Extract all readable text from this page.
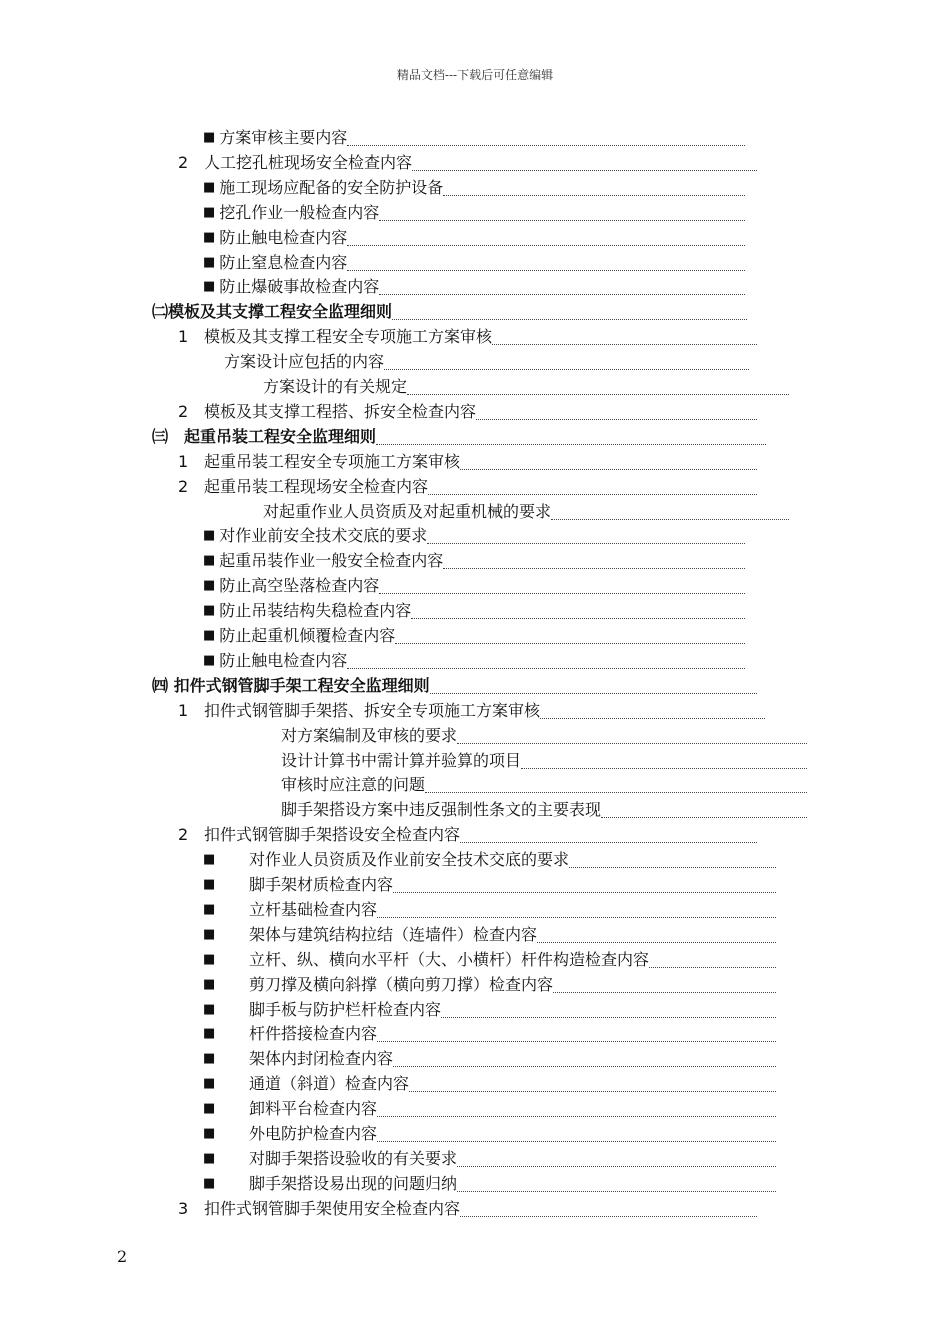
精品文档---下载后可任意编辑
■ 方案审核主要内容
2 人工挖孔桩现场安全检查内容
■ 施工现场应配备的安全防护设备
■ 挖孔作业一般检查内容
■ 防止触电检查内容
■ 防止窒息检查内容
■ 防止爆破事故检查内容
㈡模板及其支撑工程安全监理细则
1 模板及其支撑工程安全专项施工方案审核
方案设计应包括的内容
方案设计的有关规定
2 模板及其支撑工程搭、拆安全检查内容
㈢　起重吊装工程安全监理细则
1 起重吊装工程安全专项施工方案审核
2 起重吊装工程现场安全检查内容
对起重作业人员资质及对起重机械的要求
■ 对作业前安全技术交底的要求
■ 起重吊装作业一般安全检查内容
■ 防止高空坠落检查内容
■ 防止吊装结构失稳检查内容
■ 防止起重机倾覆检查内容
■ 防止触电检查内容
㈣ 扣件式钢管脚手架工程安全监理细则
1 扣件式钢管脚手架搭、拆安全专项施工方案审核
对方案编制及审核的要求
设计计算书中需计算并验算的项目
审核时应注意的问题
脚手架搭设方案中违反强制性条文的主要表现
2 扣件式钢管脚手架搭设安全检查内容
■	对作业人员资质及作业前安全技术交底的要求
■	脚手架材质检查内容
■	立杆基础检查内容
■	架体与建筑结构拉结（连墙件）检查内容
■	立杆、纵、横向水平杆（大、小横杆）杆件构造检查内容
■	剪刀撑及横向斜撑（横向剪刀撑）检查内容
■	脚手板与防护栏杆检查内容
■	杆件搭接检查内容
■	架体内封闭检查内容
■	通道（斜道）检查内容
■	卸料平台检查内容
■	外电防护检查内容
■	对脚手架搭设验收的有关要求
■	脚手架搭设易出现的问题归纳
3 扣件式钢管脚手架使用安全检查内容
2
